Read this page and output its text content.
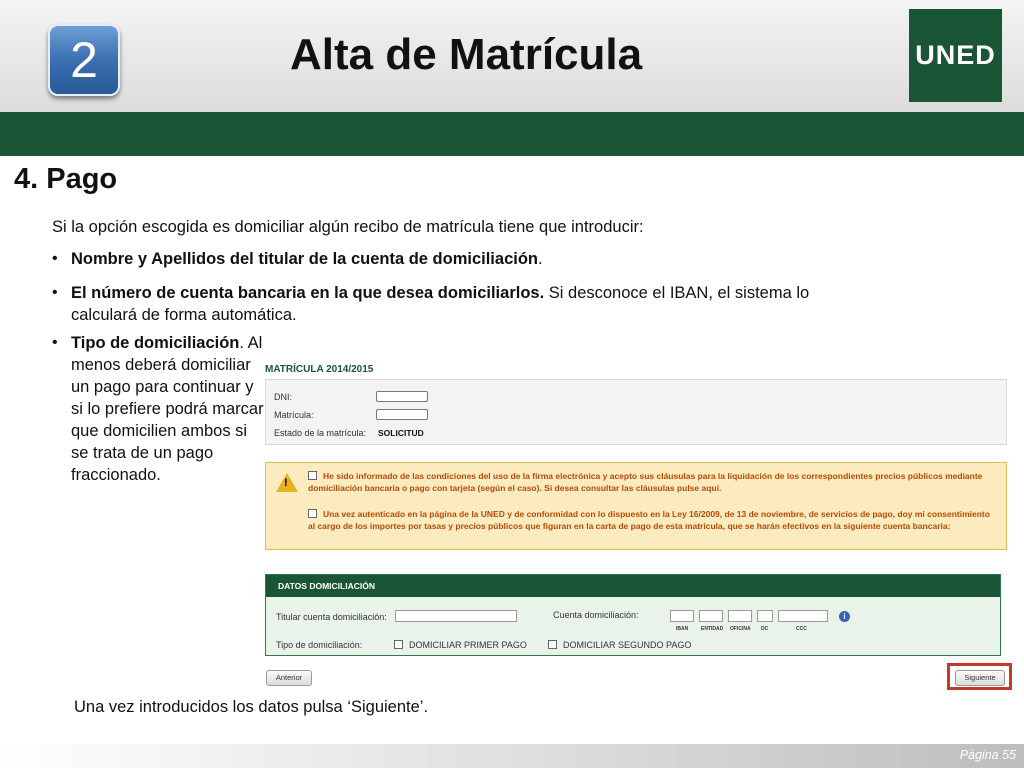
2	Alta de Matrícula	UNED
4. Pago
Si la opción escogida es domiciliar algún recibo de matrícula tiene que introducir:
• Nombre y Apellidos del titular de la cuenta de domiciliación.
• El número de cuenta bancaria en la que desea domiciliarlos. Si desconoce el IBAN, el sistema lo calculará de forma automática.
• Tipo de domiciliación. Al menos deberá domiciliar un pago para continuar y si lo prefiere podrá marcar que domicilien ambos si se trata de un pago fraccionado.
MATRÍCULA 2014/2015
DNI:
Matrícula:
Estado de la matrícula: SOLICITUD
!
He sido informado de las condiciones del uso de la firma electrónica y acepto sus cláusulas para la liquidación de los correspondientes precios públicos mediante domiciliación bancaria o pago con tarjeta (según el caso). Si desea consultar las cláusulas pulse aquí.
Una vez autenticado en la página de la UNED y de conformidad con lo dispuesto en la Ley 16/2009, de 13 de noviembre, de servicios de pago, doy mi consentimiento al cargo de los importes por tasas y precios públicos que figuran en la carta de pago de esta matrícula, que se harán efectivos en la siguiente cuenta bancaria:
DATOS DOMICILIACIÓN
Titular cuenta domiciliación:	Cuenta domiciliación:
IBAN	ENTIDAD OFICINA DC	CCC
i
Tipo de domiciliación:	DOMICILIAR PRIMER PAGO	DOMICILIAR SEGUNDO PAGO
Anterior	Siguiente
Una vez introducidos los datos pulsa ‘Siguiente’.
Página 55
